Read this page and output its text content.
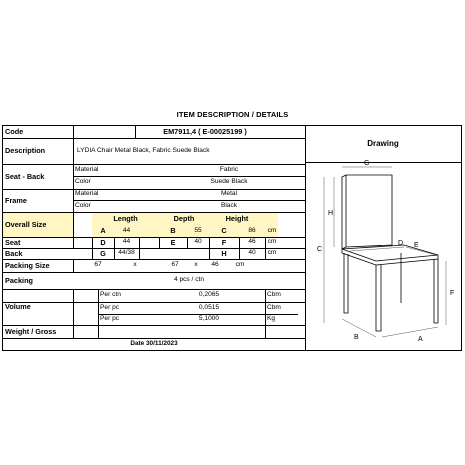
ITEM DESCRIPTION / DETAILS
Code	EM7911,4 ( E-00025199 )
Description	LYDIA Chair Metal Black, Fabric Suede Black
Seat - Back
Material	Fabric
Color	Suede Black
Frame
Material	Metal
Color	Black
Overall Size
Length	Depth	Height
A	44	B	55	C	86	cm
Seat	D	44	E	40	F	46	cm
Back	G	44/38	H	40	cm
Packing Size	67	x	67	x	46	cm
Packing	4 pcs / ctn
Volume
Per ctn	0,2065	Cbm
Per pc	0,0515	Cbm
Weight / Gross
Per pc	5,1000	Kg
Date 30/11/2023
Drawing
G
H
C
D E
F
B	A
